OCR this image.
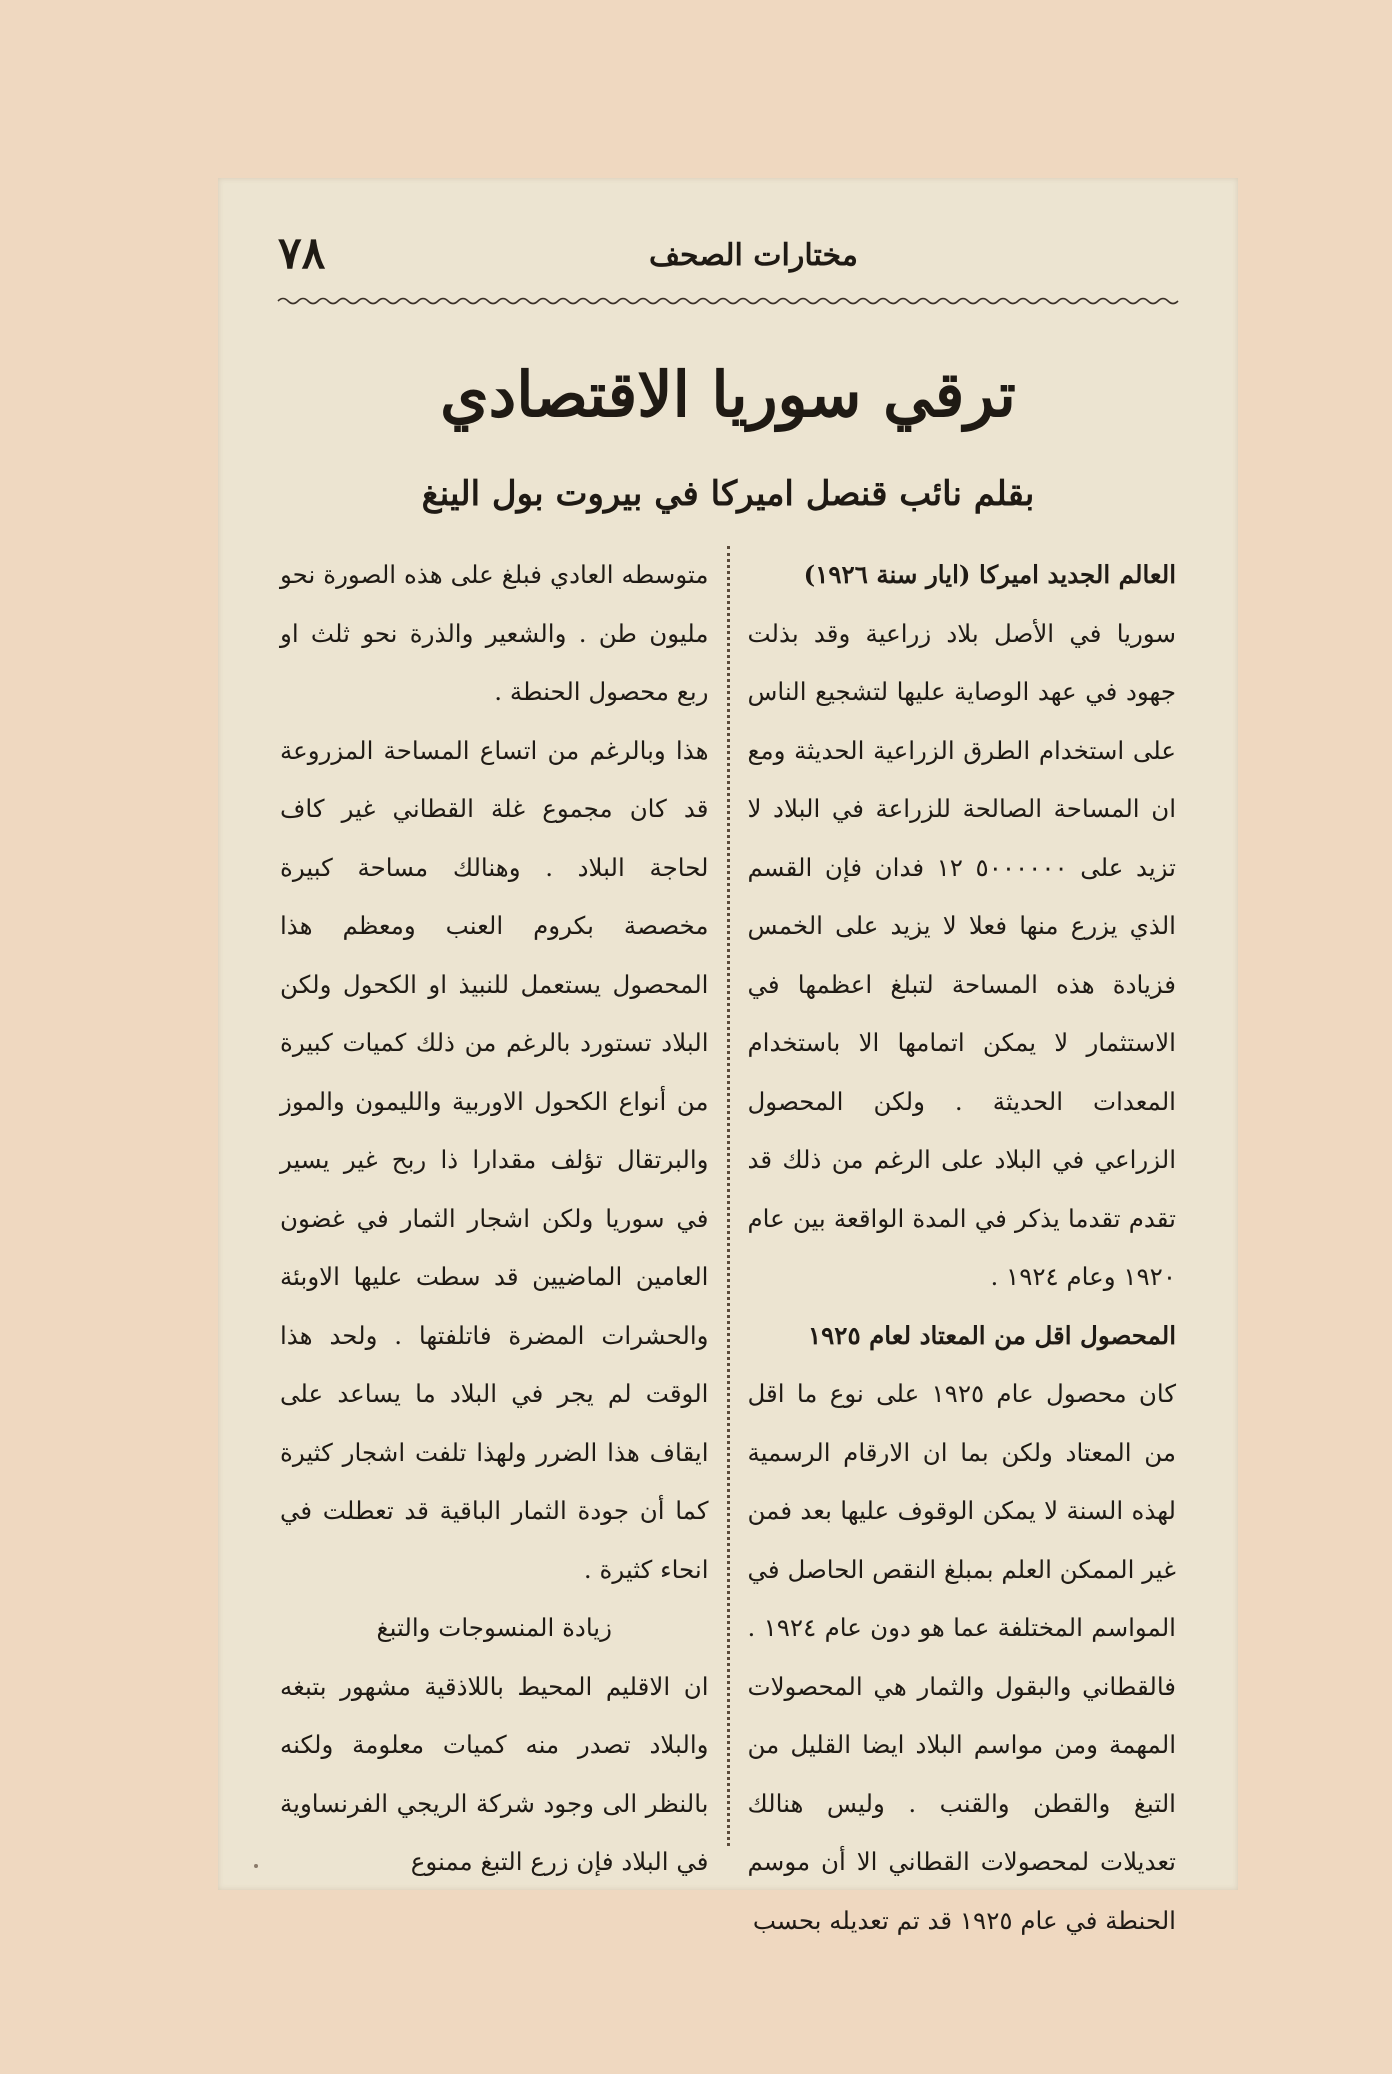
٧٨	مختارات الصحف
ترقي سوريا الاقتصادي
بقلم نائب قنصل اميركا في بيروت بول الينغ

العالم الجديد اميركا (ايار سنة ١٩٢٦)

سوريا في الأصل بلاد زراعية وقد بذلت جهود في عهد الوصاية عليها لتشجيع الناس على استخدام الطرق الزراعية الحديثة ومع ان المساحة الصالحة للزراعة في البلاد لا تزيد على ٥٠٠٠٠٠٠ ١٢ فدان فإن القسم الذي يزرع منها فعلا لا يزيد على الخمس فزيادة هذه المساحة لتبلغ اعظمها في الاستثمار لا يمكن اتمامها الا باستخدام المعدات الحديثة . ولكن المحصول الزراعي في البلاد على الرغم من ذلك قد تقدم تقدما يذكر في المدة الواقعة بين عام ١٩٢٠ وعام ١٩٢٤ .

المحصول اقل من المعتاد لعام ١٩٢٥

كان محصول عام ١٩٢٥ على نوع ما اقل من المعتاد ولكن بما ان الارقام الرسمية لهذه السنة لا يمكن الوقوف عليها بعد فمن غير الممكن العلم بمبلغ النقص الحاصل في المواسم المختلفة عما هو دون عام ١٩٢٤ . فالقطاني والبقول والثمار هي المحصولات المهمة ومن مواسم البلاد ايضا القليل من التبغ والقطن والقنب . وليس هنالك تعديلات لمحصولات القطاني الا أن موسم الحنطة في عام ١٩٢٥ قد تم تعديله بحسب

متوسطه العادي فبلغ على هذه الصورة نحو مليون طن . والشعير والذرة نحو ثلث او ربع محصول الحنطة .

هذا وبالرغم من اتساع المساحة المزروعة قد كان مجموع غلة القطاني غير كاف لحاجة البلاد . وهنالك مساحة كبيرة مخصصة بكروم العنب ومعظم هذا المحصول يستعمل للنبيذ او الكحول ولكن البلاد تستورد بالرغم من ذلك كميات كبيرة من أنواع الكحول الاوربية والليمون والموز والبرتقال تؤلف مقدارا ذا ربح غير يسير في سوريا ولكن اشجار الثمار في غضون العامين الماضيين قد سطت عليها الاوبئة والحشرات المضرة فاتلفتها . ولحد هذا الوقت لم يجر في البلاد ما يساعد على ايقاف هذا الضرر ولهذا تلفت اشجار كثيرة كما أن جودة الثمار الباقية قد تعطلت في انحاء كثيرة .

زيادة المنسوجات والتبغ

ان الاقليم المحيط باللاذقية مشهور بتبغه والبلاد تصدر منه كميات معلومة ولكنه بالنظر الى وجود شركة الريجي الفرنساوية في البلاد فإن زرع التبغ ممنوع
